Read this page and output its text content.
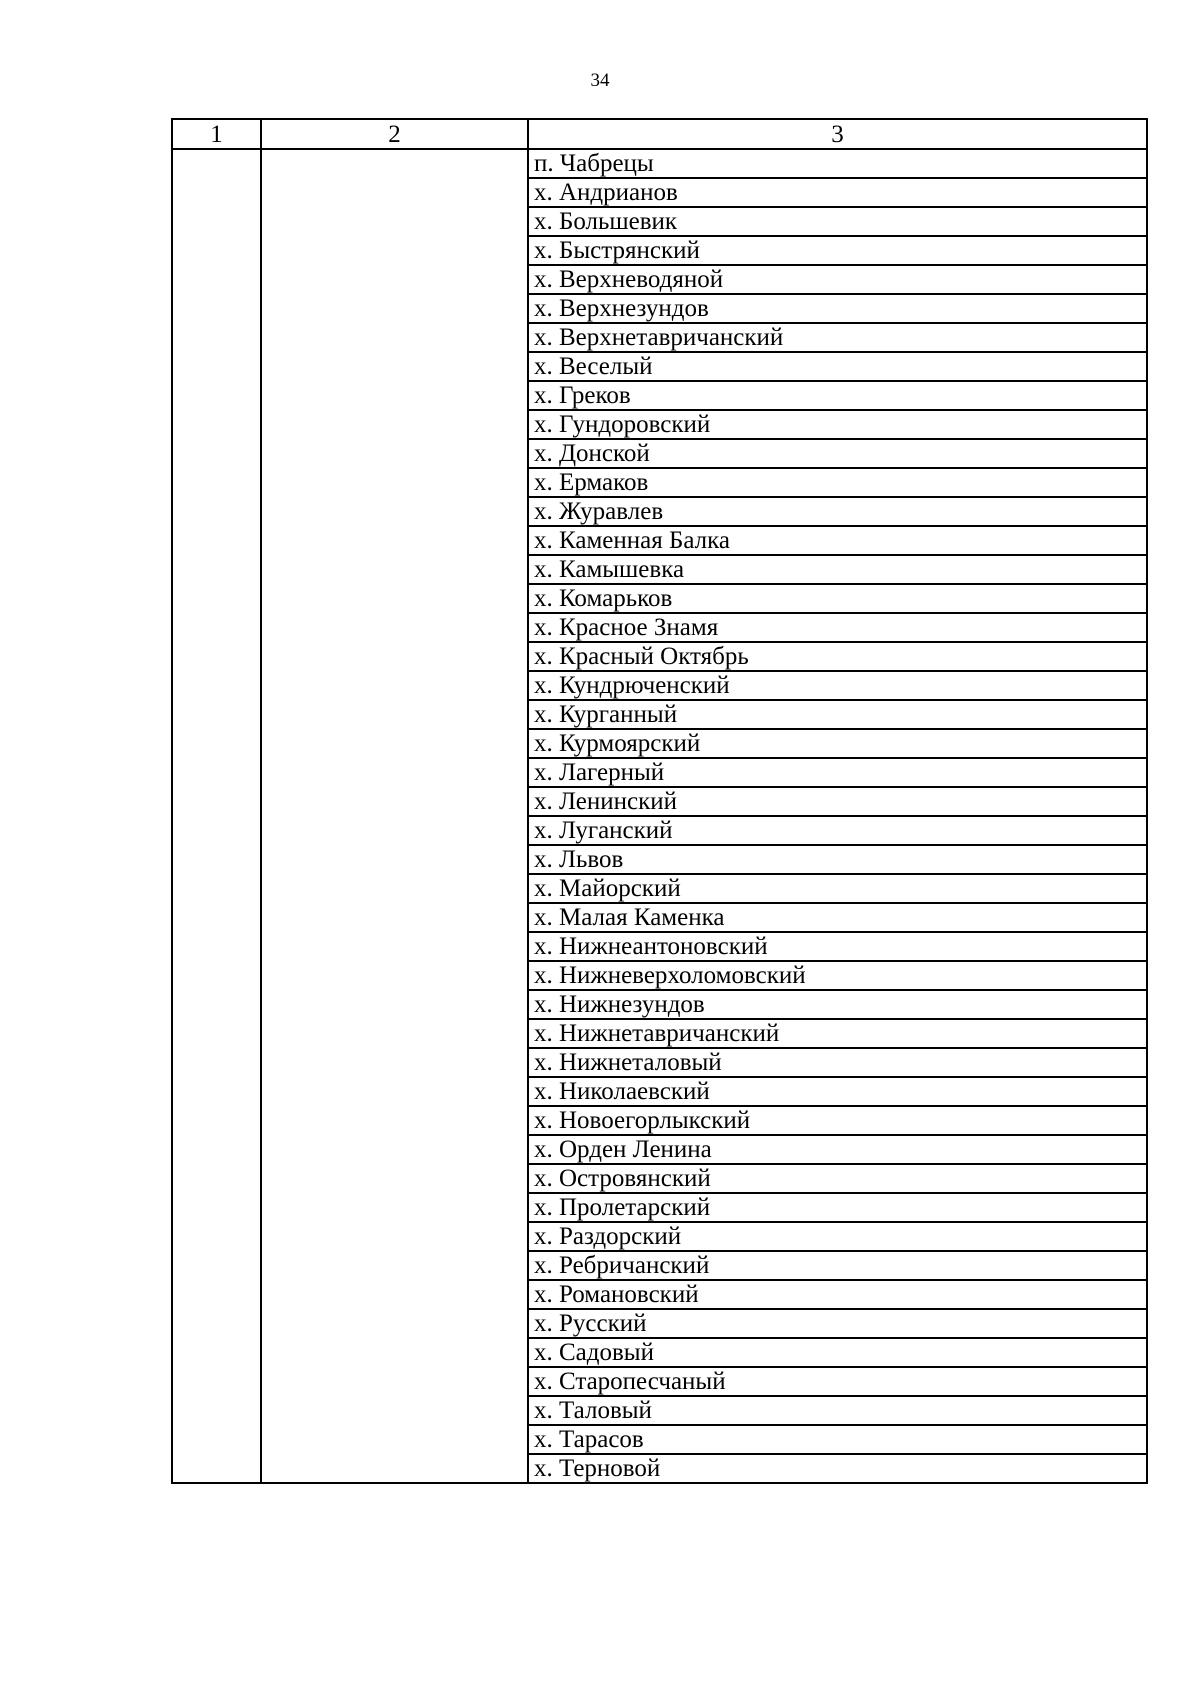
34
1	2	3
		п. Чабрецы
		х. Андрианов
		х. Большевик
		х. Быстрянский
		х. Верхневодяной
		х. Верхнезундов
		х. Верхнетавричанский
		х. Веселый
		х. Греков
		х. Гундоровский
		х. Донской
		х. Ермаков
		х. Журавлев
		х. Каменная Балка
		х. Камышевка
		х. Комарьков
		х. Красное Знамя
		х. Красный Октябрь
		х. Кундрюченский
		х. Курганный
		х. Курмоярский
		х. Лагерный
		х. Ленинский
		х. Луганский
		х. Львов
		х. Майорский
		х. Малая Каменка
		х. Нижнеантоновский
		х. Нижневерхоломовский
		х. Нижнезундов
		х. Нижнетавричанский
		х. Нижнеталовый
		х. Николаевский
		х. Новоегорлыкский
		х. Орден Ленина
		х. Островянский
		х. Пролетарский
		х. Раздорский
		х. Ребричанский
		х. Романовский
		х. Русский
		х. Садовый
		х. Старопесчаный
		х. Таловый
		х. Тарасов
		х. Терновой
